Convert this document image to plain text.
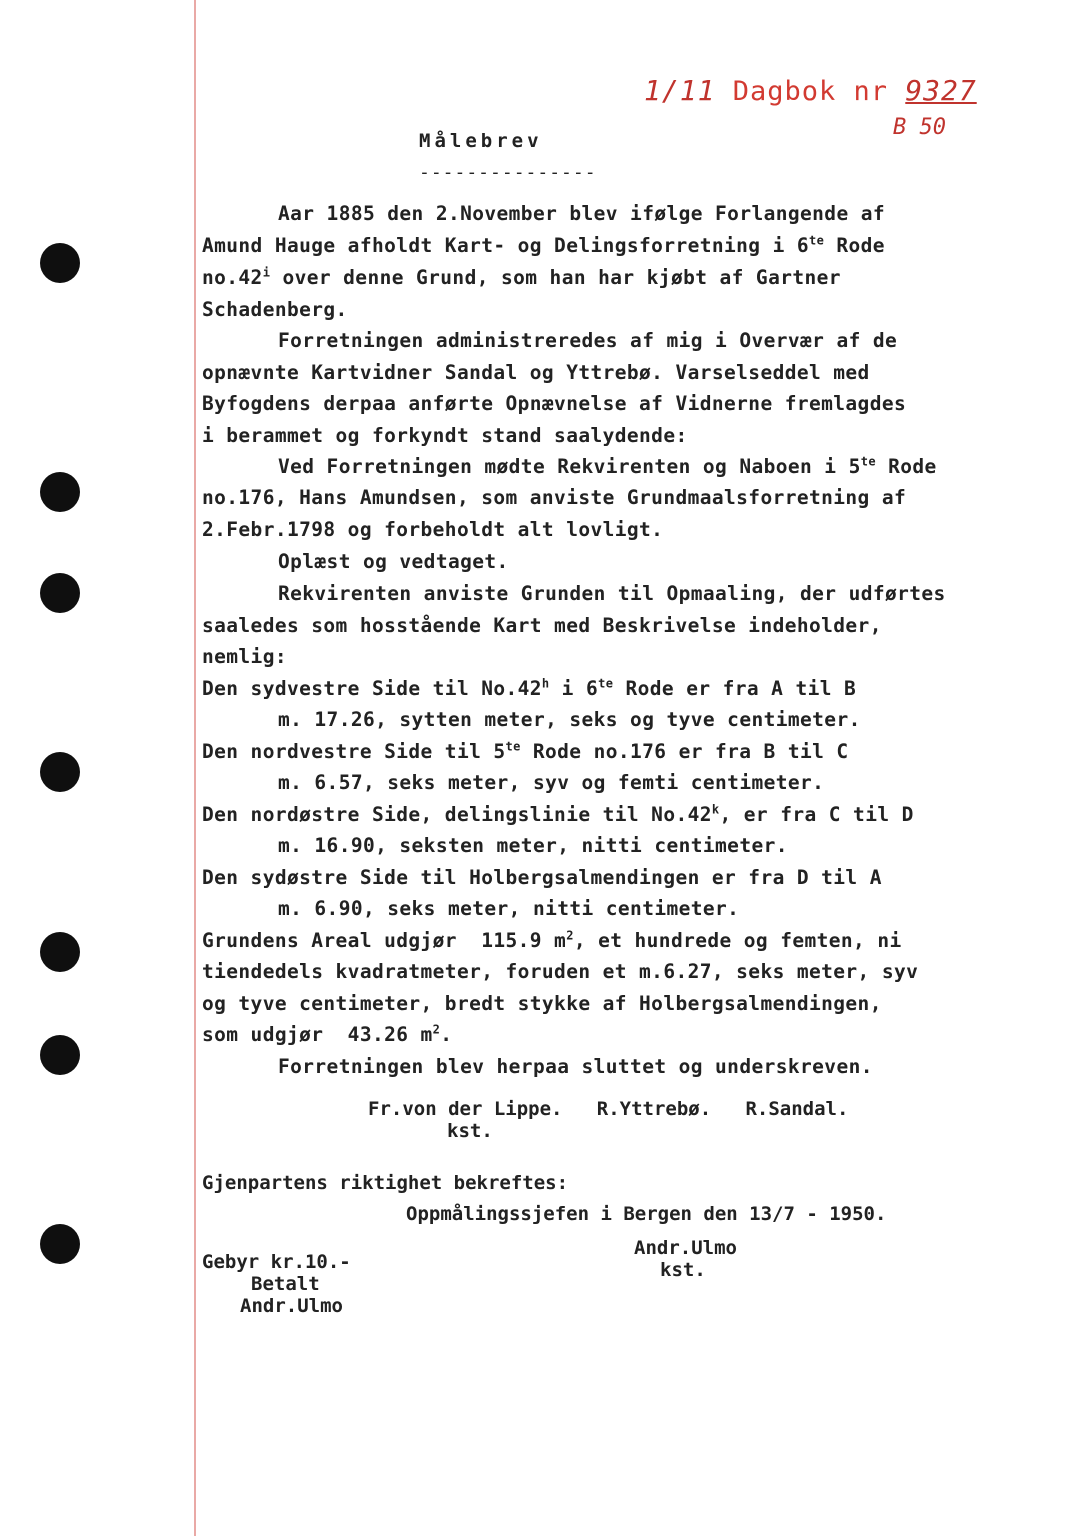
1/11 Dagbok nr 9327
B 50
Målebrev
---------------
Aar 1885 den 2.November blev ifølge Forlangende af
Amund Hauge afholdt Kart- og Delingsforretning i $6^{te}$ Rode
no.42$^i$ over denne Grund, som han har kjøbt af Gartner
Schadenberg.
Forretningen administreredes af mig i Overvær af de
opnævnte Kartvidner Sandal og Yttrebø. Varselseddel med
Byfogdens derpaa anførte Opnævnelse af Vidnerne fremlagdes
i berammet og forkyndt stand saalydende:
Ved Forretningen mødte Rekvirenten og Naboen i $5^{te}$ Rode
no.176, Hans Amundsen, som anviste Grundmaalsforretning af
2.Febr.1798 og forbeholdt alt lovligt.
Oplæst og vedtaget.
Rekvirenten anviste Grunden til Opmaaling, der udførtes
saaledes som hosstående Kart med Beskrivelse indeholder,
nemlig:
Den sydvestre Side til No.42$^h$ i $6^{te}$ Rode er fra A til B
m. 17.26, sytten meter, seks og tyve centimeter.
Den nordvestre Side til $5^{te}$ Rode no.176 er fra B til C
m. 6.57, seks meter, syv og femti centimeter.
Den nordøstre Side, delingslinie til No.42$^k$, er fra C til D
m. 16.90, seksten meter, nitti centimeter.
Den sydøstre Side til Holbergsalmendingen er fra D til A
m. 6.90, seks meter, nitti centimeter.
Grundens Areal udgjør  115.9 $m^2$, et hundrede og femten, ni
tiendedels kvadratmeter, foruden et m.6.27, seks meter, syv
og tyve centimeter, bredt stykke af Holbergsalmendingen,
som udgjør  43.26 $m^2$.
Forretningen blev herpaa sluttet og underskreven.
Fr.von der Lippe.   R.Yttrebø.   R.Sandal.
kst.
Gjenpartens riktighet bekreftes:
Oppmålingssjefen i Bergen den 13/7 - 1950.
Andr.Ulmo
kst.
Gebyr kr.10.-
Betalt
Andr.Ulmo
